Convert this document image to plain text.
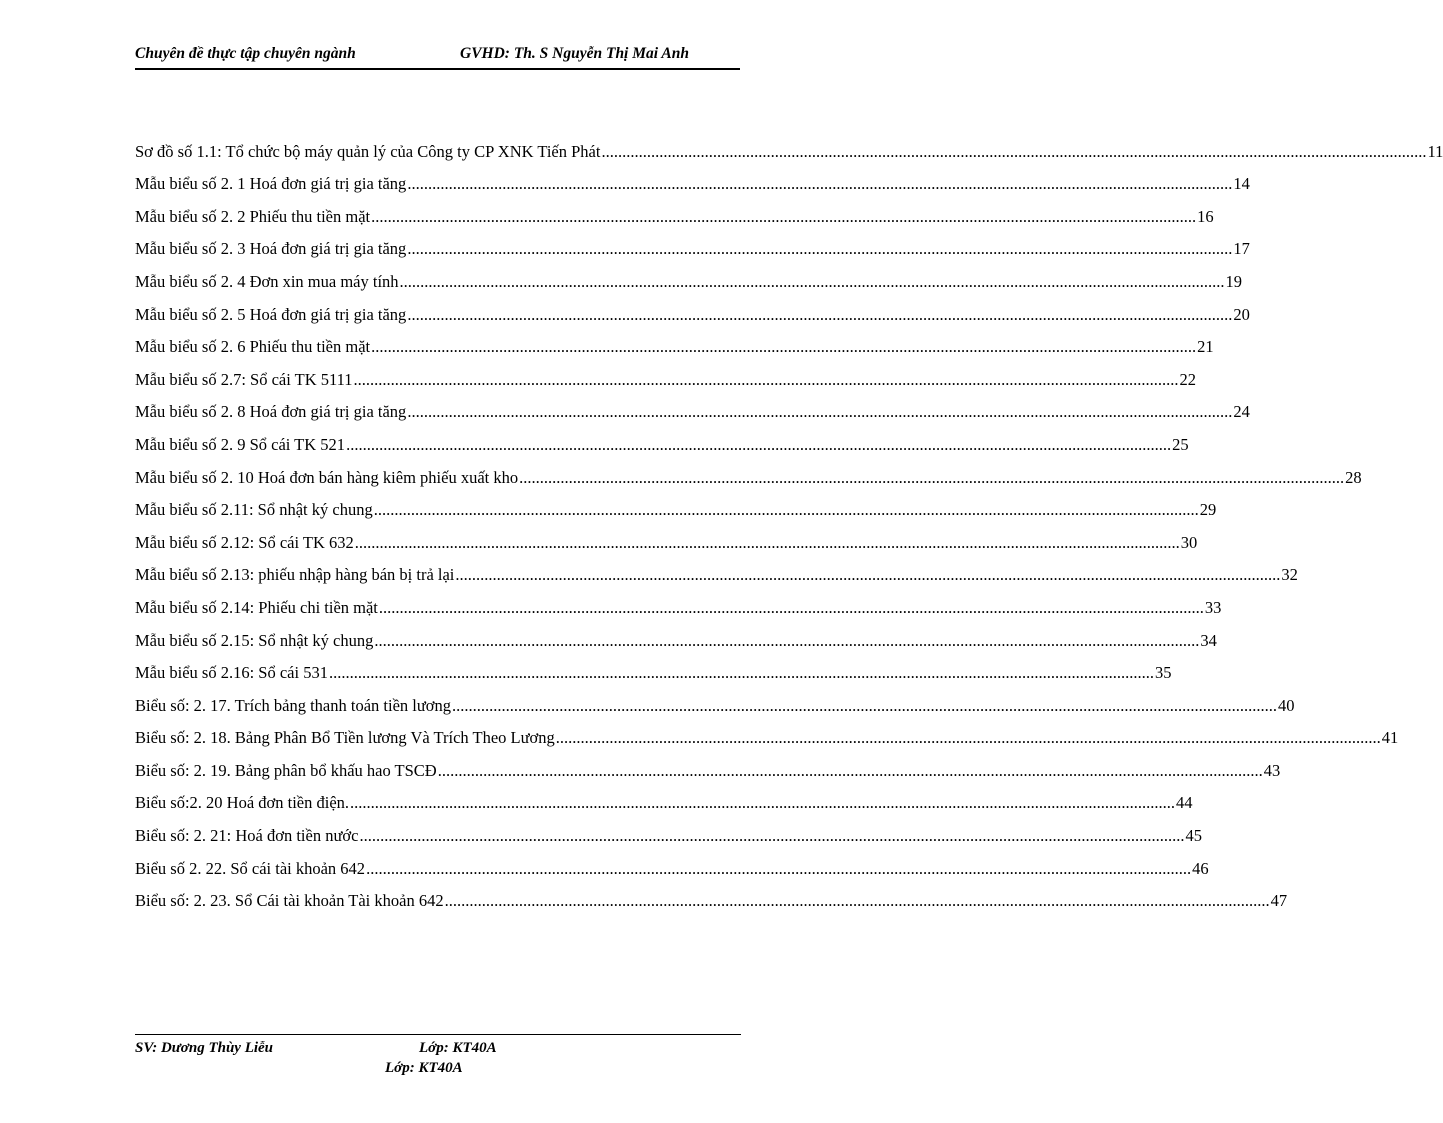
Chuyên đề thực tập chuyên ngành	GVHD: Th. S Nguyễn Thị Mai Anh
Sơ đồ số 1.1: Tổ chức bộ máy quản lý của Công ty CP XNK Tiến Phát ........................................................................................................................................................................................................ 11
Mẫu biểu số 2. 1 Hoá đơn giá trị gia tăng ........................................................................................................................................................................................................ 14
Mẫu biểu số 2. 2 Phiếu thu tiền mặt ........................................................................................................................................................................................................ 16
Mẫu biểu số 2. 3 Hoá đơn giá trị gia tăng ........................................................................................................................................................................................................ 17
Mẫu biểu số 2. 4 Đơn xin mua máy tính ........................................................................................................................................................................................................ 19
Mẫu biểu số 2. 5 Hoá đơn giá trị gia tăng ........................................................................................................................................................................................................ 20
Mẫu biểu số 2. 6 Phiếu thu tiền mặt ........................................................................................................................................................................................................ 21
Mẫu biểu số 2.7: Sổ cái TK 5111 ........................................................................................................................................................................................................ 22
Mẫu biểu số 2. 8 Hoá đơn giá trị gia tăng ........................................................................................................................................................................................................ 24
Mẫu biểu số 2. 9 Sổ cái TK 521 ........................................................................................................................................................................................................ 25
Mẫu biểu số 2. 10 Hoá đơn bán hàng kiêm phiếu xuất kho ........................................................................................................................................................................................................ 28
Mẫu biểu số 2.11: Sổ nhật ký chung ........................................................................................................................................................................................................ 29
Mẫu biểu số 2.12: Sổ cái TK 632 ........................................................................................................................................................................................................ 30
Mẫu biểu số 2.13: phiếu nhập hàng bán bị trả lại ........................................................................................................................................................................................................ 32
Mẫu biểu số 2.14: Phiếu chi tiền mặt ........................................................................................................................................................................................................ 33
Mẫu biểu số 2.15: Sổ nhật ký chung ........................................................................................................................................................................................................ 34
Mẫu biểu số 2.16: Sổ cái 531 ........................................................................................................................................................................................................ 35
Biểu số: 2. 17. Trích bảng thanh toán tiền lương ........................................................................................................................................................................................................ 40
Biểu số: 2. 18. Bảng Phân Bổ Tiền lương Và Trích Theo Lương ........................................................................................................................................................................................................ 41
Biểu số: 2. 19. Bảng phân bổ khấu hao TSCĐ ........................................................................................................................................................................................................ 43
Biểu số:2. 20 Hoá đơn tiền điện. ........................................................................................................................................................................................................ 44
Biểu số: 2. 21: Hoá đơn tiền nước ........................................................................................................................................................................................................ 45
Biểu số 2. 22. Sổ cái tài khoản 642 ........................................................................................................................................................................................................ 46
Biểu số: 2. 23. Sổ Cái tài khoản Tài khoản 642 ........................................................................................................................................................................................................ 47
SV: Dương Thùy Liễu	Lớp: KT40A
Lớp: KT40A
